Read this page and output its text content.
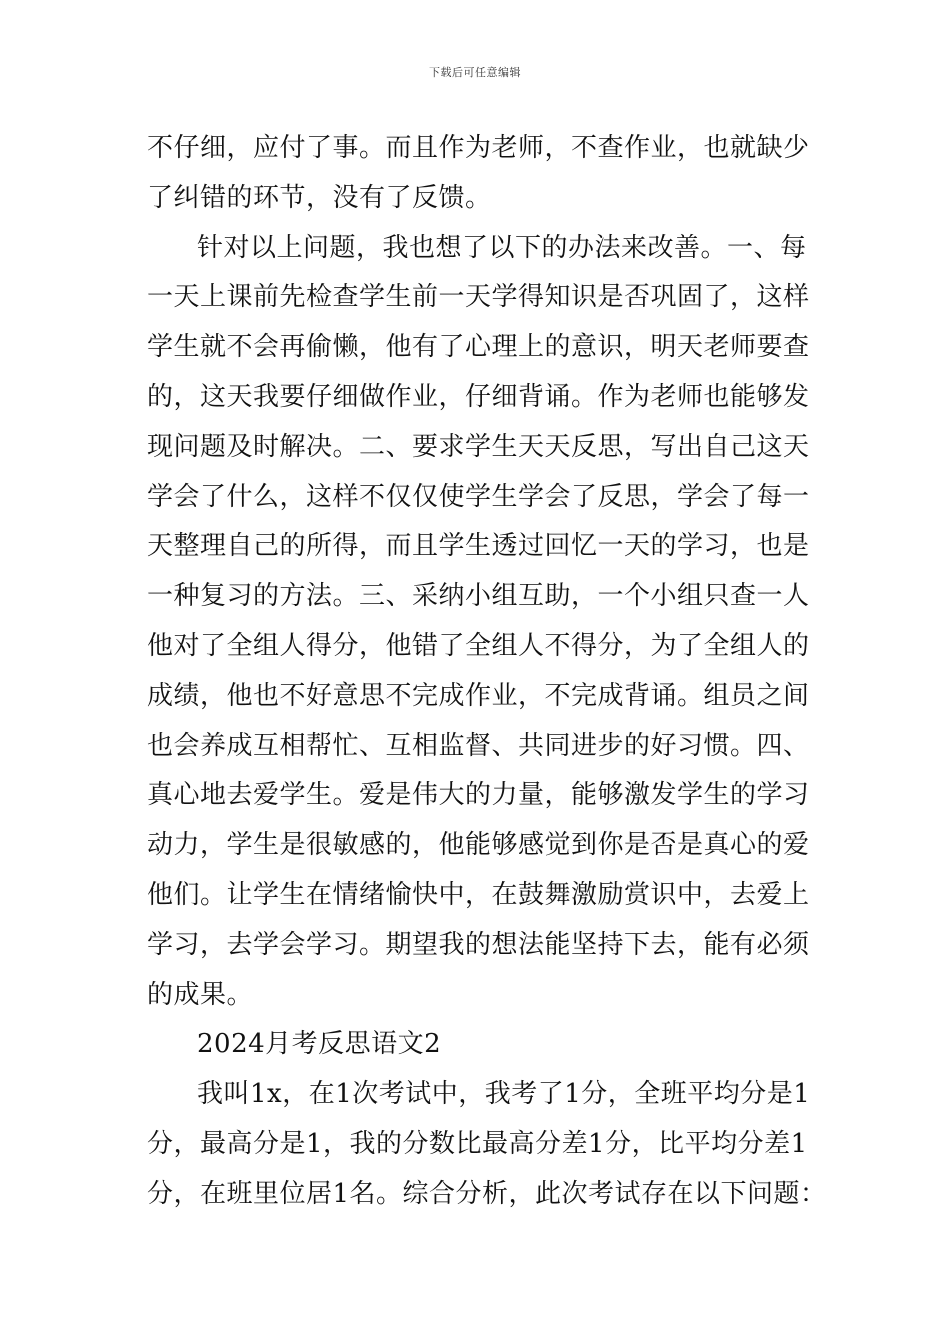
下载后可任意编辑
不仔细，应付了事。而且作为老师，不查作业，也就缺少
了纠错的环节，没有了反馈。
针对以上问题，我也想了以下的办法来改善。一、每
一天上课前先检查学生前一天学得知识是否巩固了，这样
学生就不会再偷懒，他有了心理上的意识，明天老师要查
的，这天我要仔细做作业，仔细背诵。作为老师也能够发
现问题及时解决。二、要求学生天天反思，写出自己这天
学会了什么，这样不仅仅使学生学会了反思，学会了每一
天整理自己的所得，而且学生透过回忆一天的学习，也是
一种复习的方法。三、采纳小组互助，一个小组只查一人
他对了全组人得分，他错了全组人不得分，为了全组人的
成绩，他也不好意思不完成作业，不完成背诵。组员之间
也会养成互相帮忙、互相监督、共同进步的好习惯。四、
真心地去爱学生。爱是伟大的力量，能够激发学生的学习
动力，学生是很敏感的，他能够感觉到你是否是真心的爱
他们。让学生在情绪愉快中，在鼓舞激励赏识中，去爱上
学习，去学会学习。期望我的想法能坚持下去，能有必须
的成果。
2024月考反思语文2
我叫1x，在1次考试中，我考了1分，全班平均分是1
分，最高分是1，我的分数比最高分差1分，比平均分差1
分，在班里位居1名。综合分析，此次考试存在以下问题：
